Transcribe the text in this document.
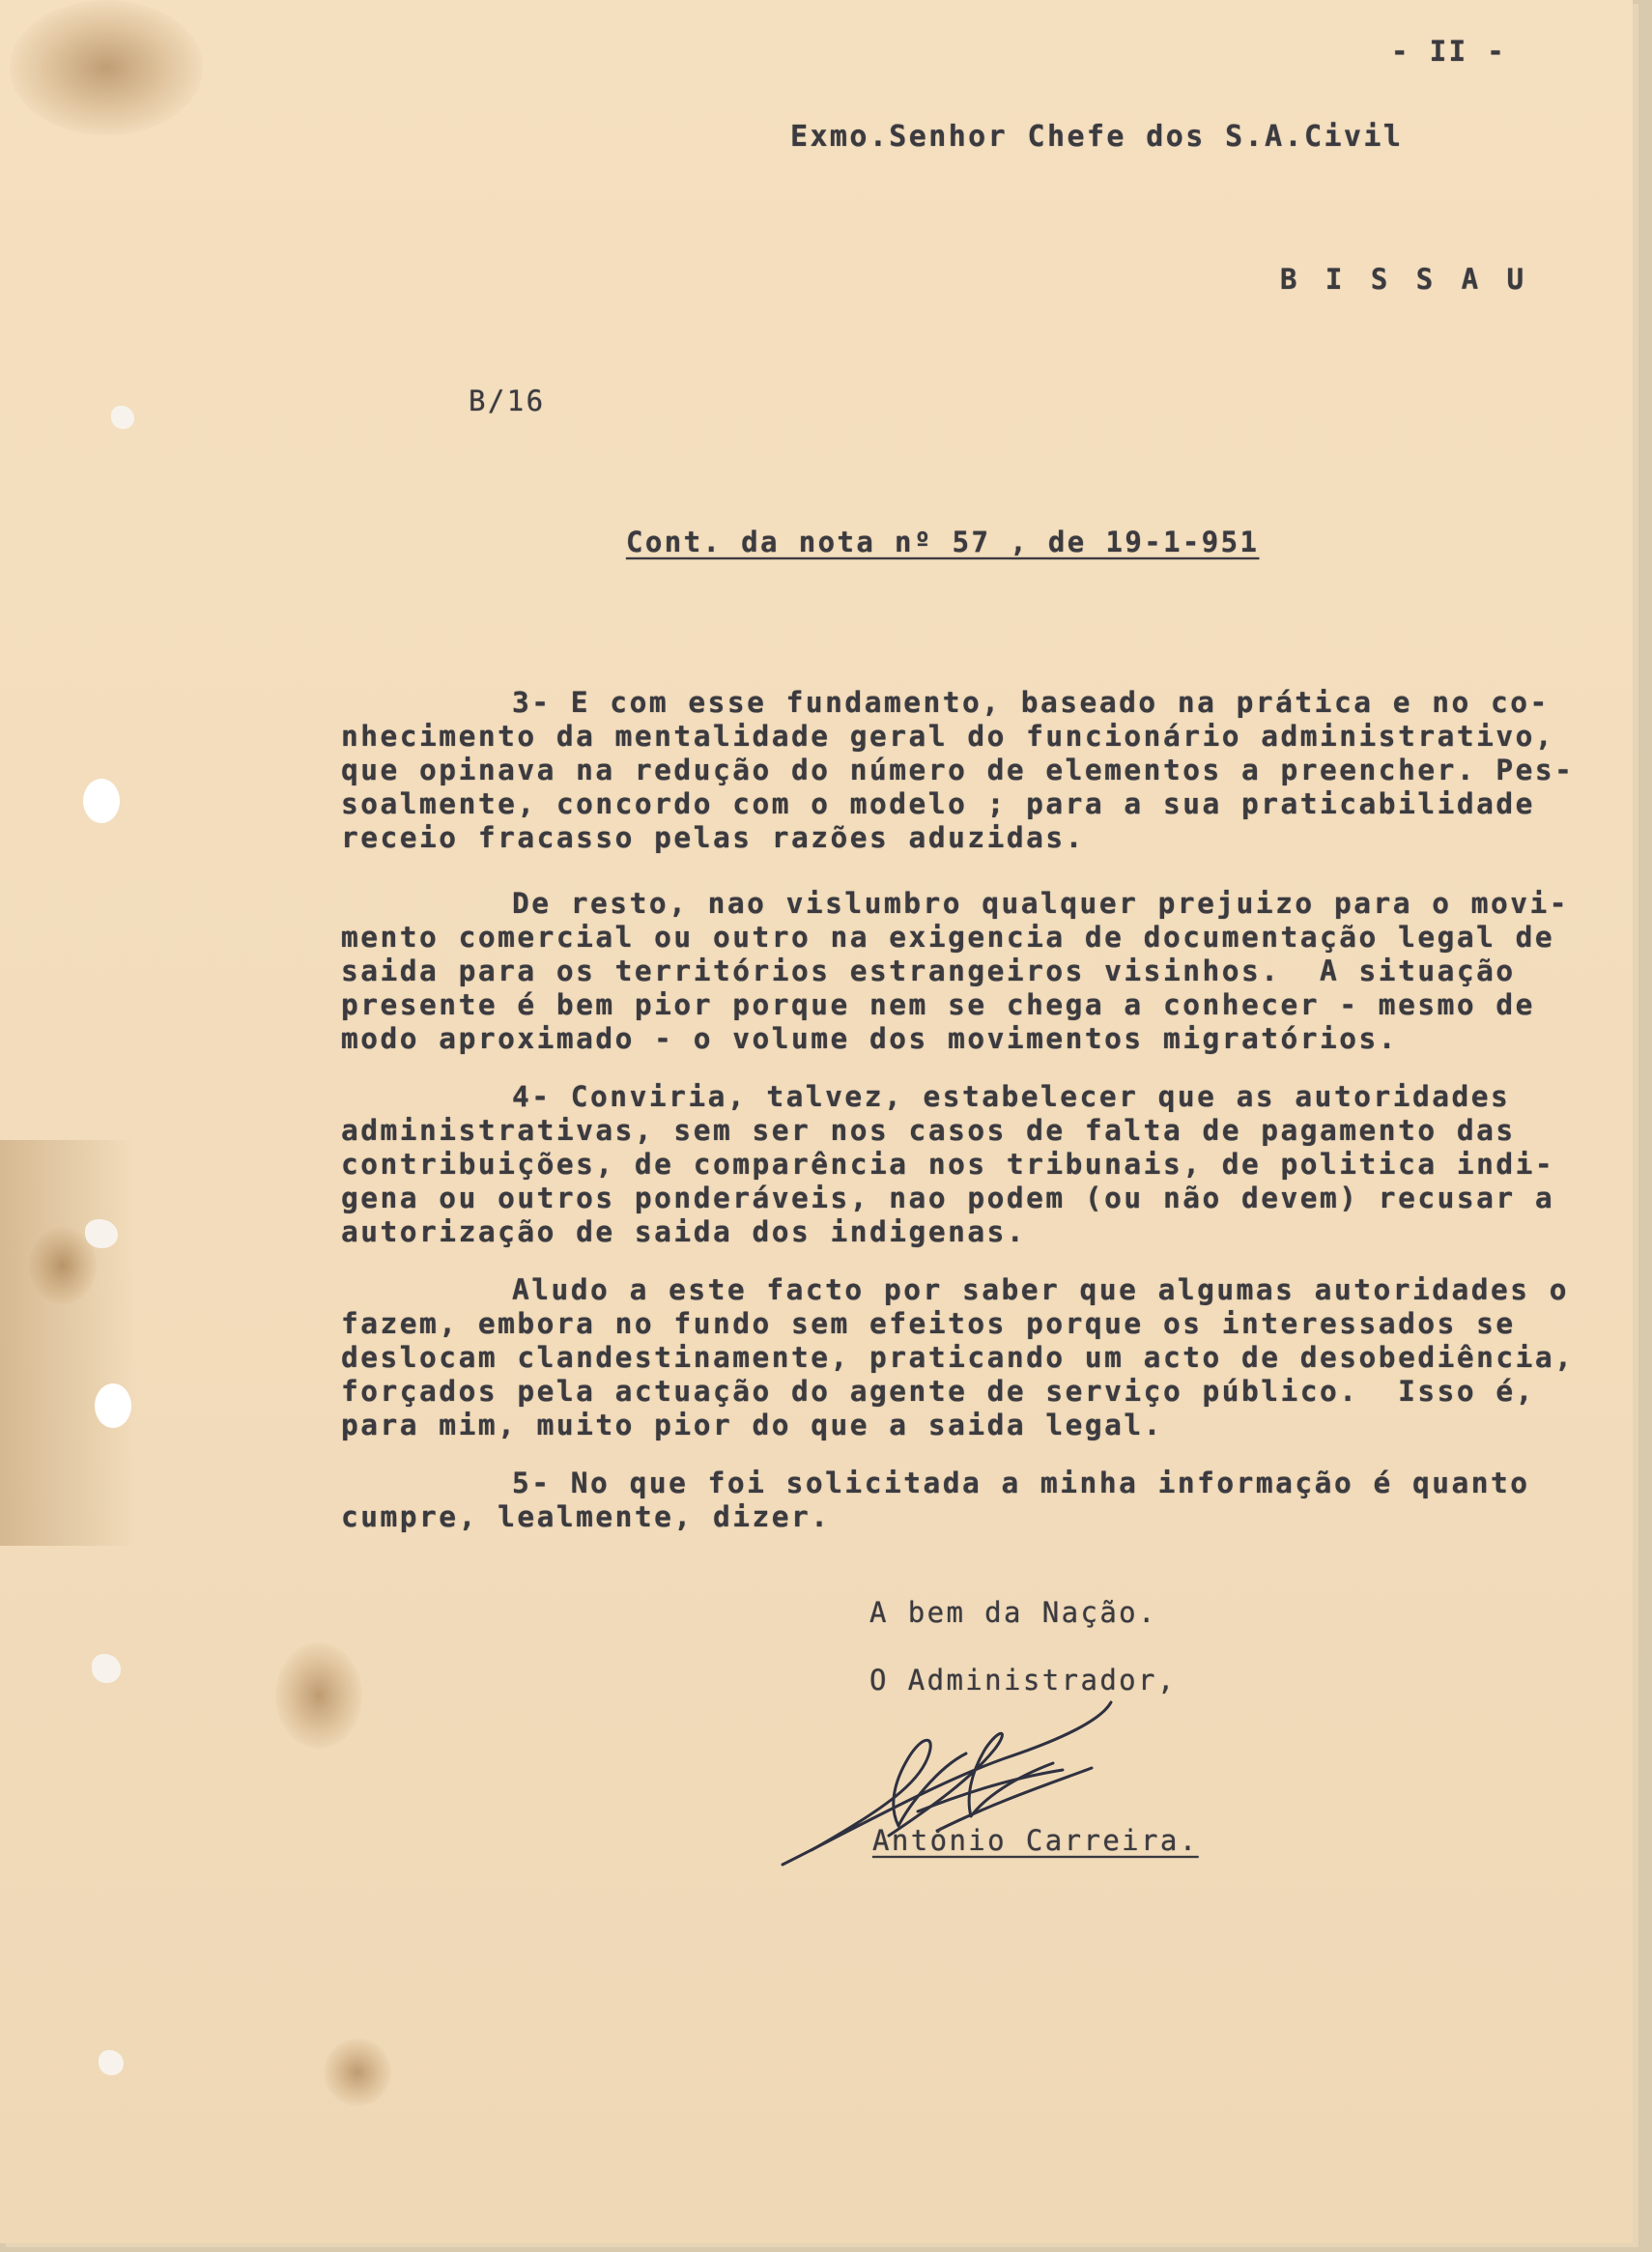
- II -
Exmo.Senhor Chefe dos S.A.Civil
B I S S A U
B/16
Cont. da nota nº 57 , de 19-1-951
3- E com esse fundamento, baseado na prática e no co-
nhecimento da mentalidade geral do funcionário administrativo,
que opinava na redução do número de elementos a preencher. Pes-
soalmente, concordo com o modelo ; para a sua praticabilidade
receio fracasso pelas razões aduzidas.
De resto, nao vislumbro qualquer prejuizo para o movi-
mento comercial ou outro na exigencia de documentação legal de
saida para os territórios estrangeiros visinhos.  A situação
presente é bem pior porque nem se chega a conhecer - mesmo de
modo aproximado - o volume dos movimentos migratórios.
4- Conviria, talvez, estabelecer que as autoridades
administrativas, sem ser nos casos de falta de pagamento das
contribuições, de comparência nos tribunais, de politica indi-
gena ou outros ponderáveis, nao podem (ou não devem) recusar a
autorização de saida dos indigenas.
Aludo a este facto por saber que algumas autoridades o
fazem, embora no fundo sem efeitos porque os interessados se
deslocam clandestinamente, praticando um acto de desobediência,
forçados pela actuação do agente de serviço público.  Isso é,
para mim, muito pior do que a saida legal.
5- No que foi solicitada a minha informação é quanto
cumpre, lealmente, dizer.
A bem da Nação.
O Administrador,
António Carreira.
